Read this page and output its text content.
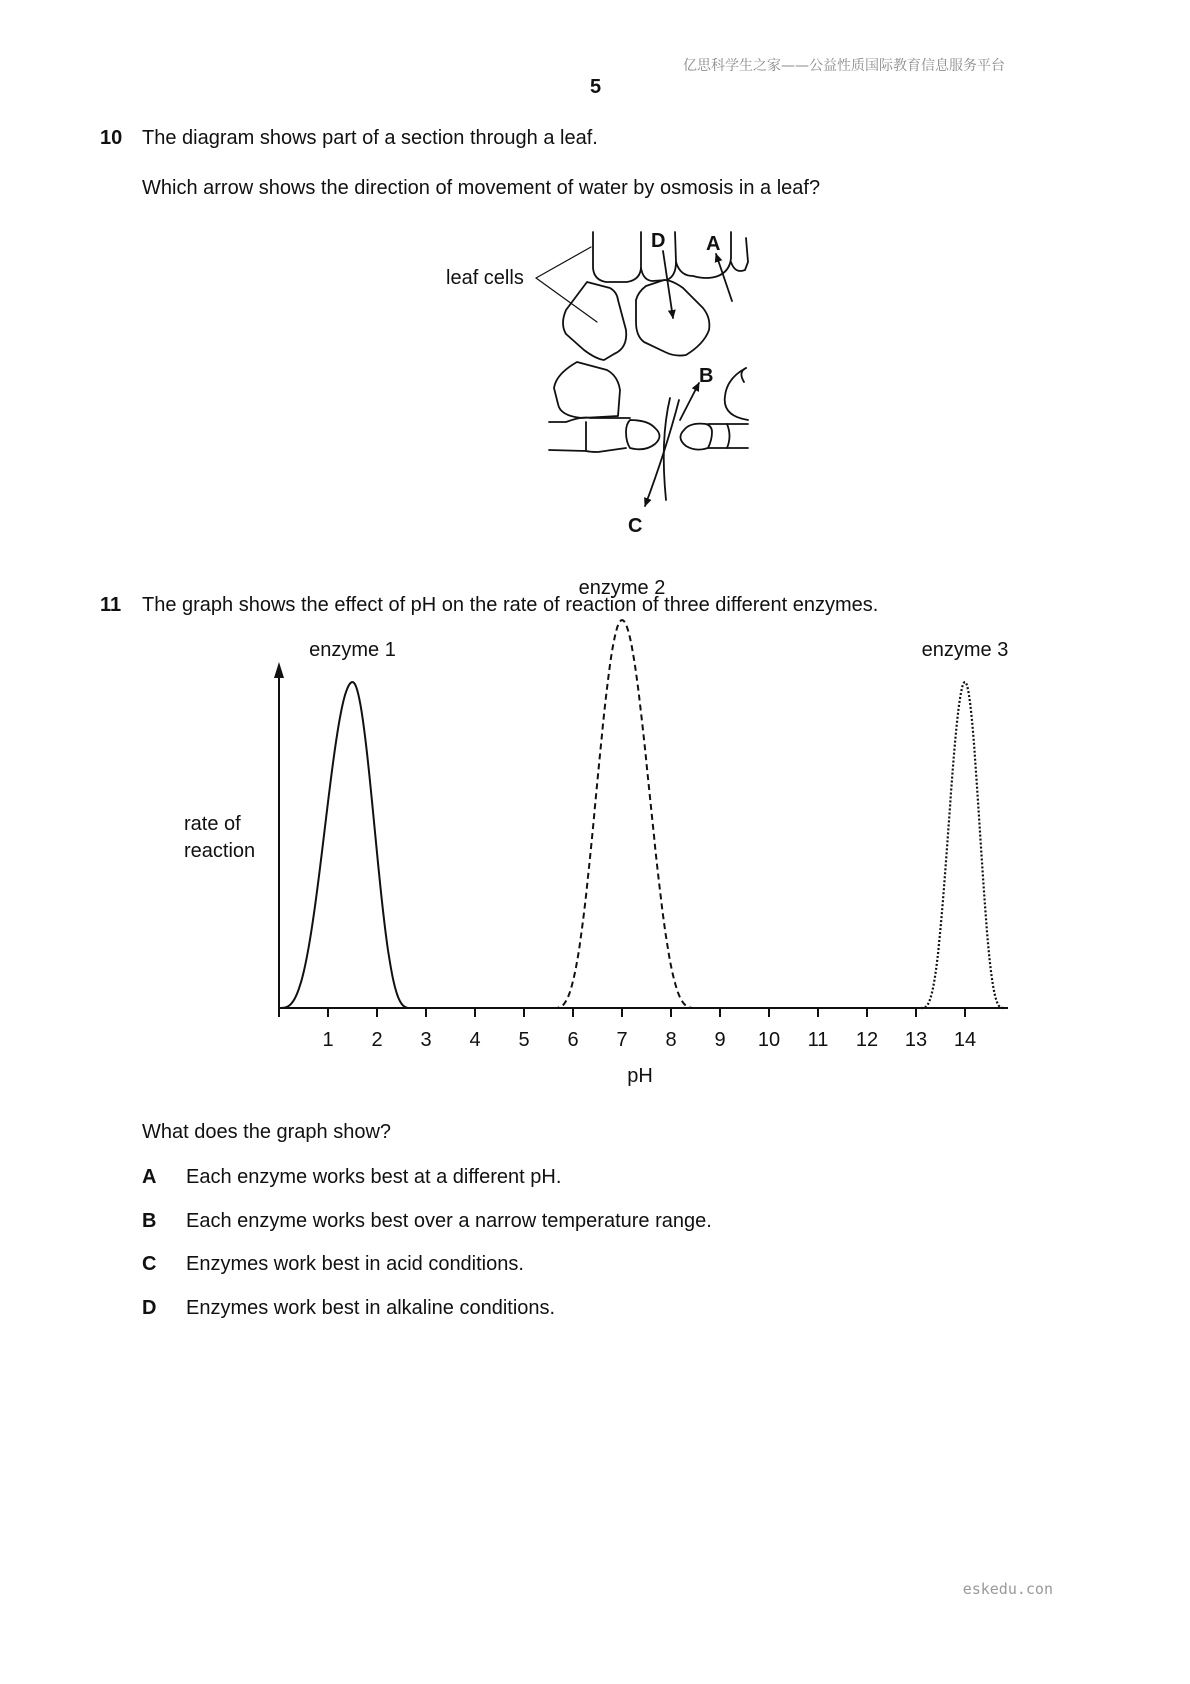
亿思科学生之家——公益性质国际教育信息服务平台
5
10 The diagram shows part of a section through a leaf.
Which arrow shows the direction of movement of water by osmosis in a leaf?
leaf cells
D A
B
C
11 The graph shows the effect of pH on the rate of reaction of three different enzymes.
1 2 3 4 5 6 7 8 9 10 11 12 13 14
enzyme 1
enzyme 2
enzyme 3
rate of
reaction
pH
What does the graph show?
A Each enzyme works best at a different pH.
B Each enzyme works best over a narrow temperature range.
C Enzymes work best in acid conditions.
D Enzymes work best in alkaline conditions.
eskedu.con
